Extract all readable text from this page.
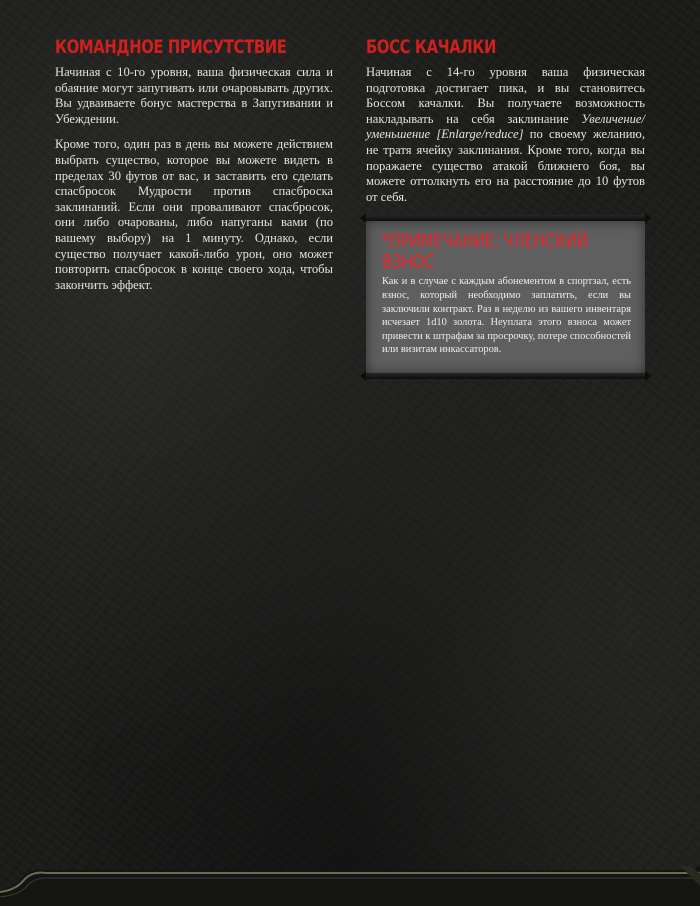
КОМАНДНОЕ ПРИСУТСТВИЕ

Начиная с 10-го уровня, ваша физическая сила и обаяние могут запугивать или очаровывать других. Вы удваиваете бонус мастерства в Запугивании и Убеждении.

Кроме того, один раз в день вы можете действием выбрать существо, которое вы можете видеть в пределах 30 футов от вас, и заставить его сделать спасбросок Мудрости против спасброска заклинаний. Если они проваливают спасбросок, они либо очарованы, либо напуганы вами (по вашему выбору) на 1 минуту. Однако, если существо получает какой-либо урон, оно может повторить спасбросок в конце своего хода, чтобы закончить эффект.

БОСС КАЧАЛКИ

Начиная с 14-го уровня ваша физическая подготовка достигает пика, и вы становитесь Боссом качалки. Вы получаете возможность накладывать на себя заклинание Увеличение/уменьшение [Enlarge/reduce] по своему желанию, не тратя ячейку заклинания. Кроме того, когда вы поражаете существо атакой ближнего боя, вы можете оттолкнуть его на расстояние до 10 футов от себя.

*ПРИМЕЧАНИЕ: ЧЛЕНСКИЙ ВЗНОС

Как и в случае с каждым абонементом в спортзал, есть взнос, который необходимо заплатить, если вы заключили контракт. Раз в неделю из вашего инвентаря исчезает 1d10 золота. Неуплата этого взноса может привести к штрафам за просрочку, потере способностей или визитам инкассаторов.
